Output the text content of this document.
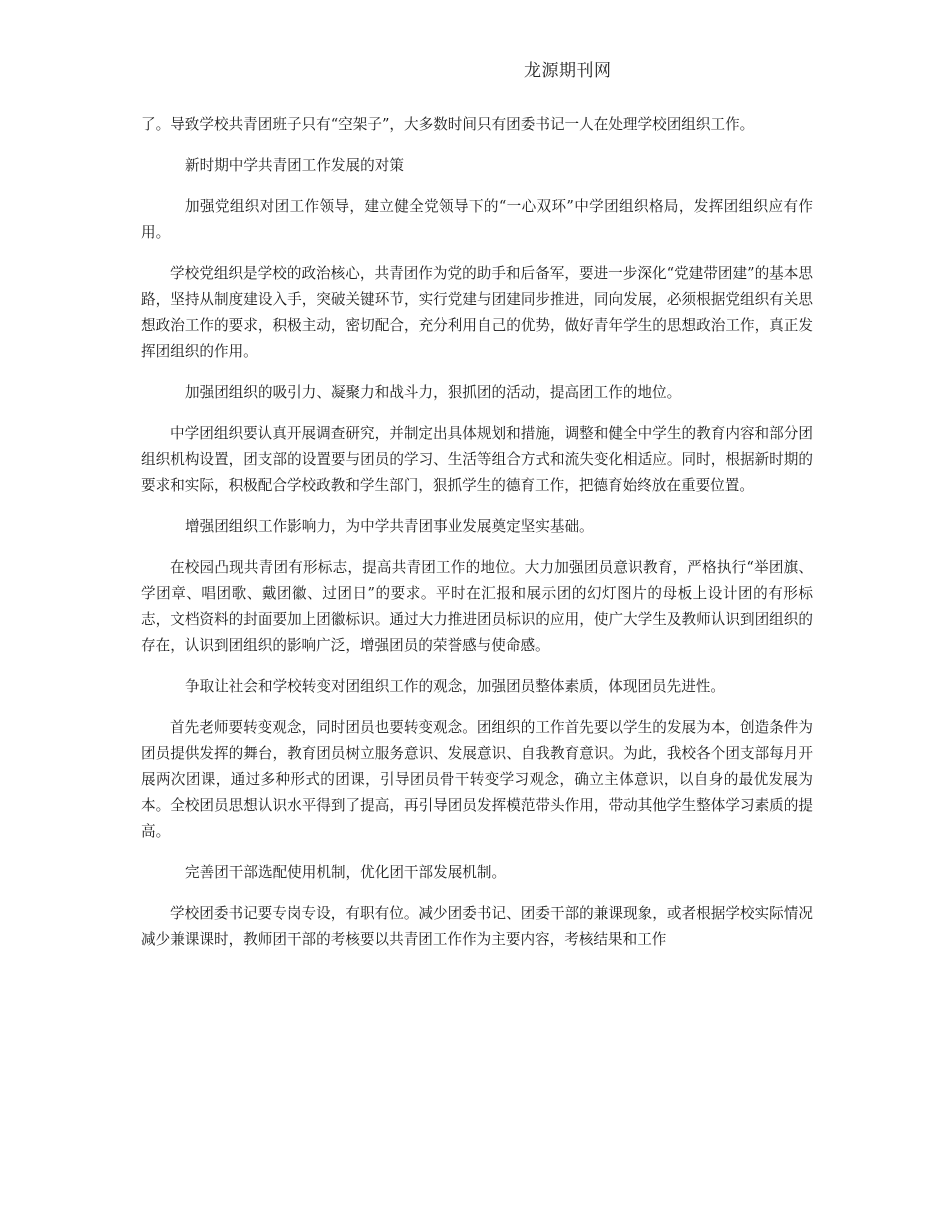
龙源期刊网

了。导致学校共青团班子只有“空架子”，大多数时间只有团委书记一人在处理学校团组织工作。

新时期中学共青团工作发展的对策

加强党组织对团工作领导，建立健全党领导下的“一心双环”中学团组织格局，发挥团组织应有作用。

学校党组织是学校的政治核心，共青团作为党的助手和后备军，要进一步深化“党建带团建”的基本思路，坚持从制度建设入手，突破关键环节，实行党建与团建同步推进，同向发展，必须根据党组织有关思想政治工作的要求，积极主动，密切配合，充分利用自己的优势，做好青年学生的思想政治工作，真正发挥团组织的作用。

加强团组织的吸引力、凝聚力和战斗力，狠抓团的活动，提高团工作的地位。

中学团组织要认真开展调查研究，并制定出具体规划和措施，调整和健全中学生的教育内容和部分团组织机构设置，团支部的设置要与团员的学习、生活等组合方式和流失变化相适应。同时，根据新时期的要求和实际，积极配合学校政教和学生部门，狠抓学生的德育工作，把德育始终放在重要位置。

增强团组织工作影响力，为中学共青团事业发展奠定坚实基础。

在校园凸现共青团有形标志，提高共青团工作的地位。大力加强团员意识教育，严格执行“举团旗、学团章、唱团歌、戴团徽、过团日”的要求。平时在汇报和展示团的幻灯图片的母板上设计团的有形标志，文档资料的封面要加上团徽标识。通过大力推进团员标识的应用，使广大学生及教师认识到团组织的存在，认识到团组织的影响广泛，增强团员的荣誉感与使命感。

争取让社会和学校转变对团组织工作的观念，加强团员整体素质，体现团员先进性。

首先老师要转变观念，同时团员也要转变观念。团组织的工作首先要以学生的发展为本，创造条件为团员提供发挥的舞台，教育团员树立服务意识、发展意识、自我教育意识。为此，我校各个团支部每月开展两次团课，通过多种形式的团课，引导团员骨干转变学习观念，确立主体意识，以自身的最优发展为本。全校团员思想认识水平得到了提高，再引导团员发挥模范带头作用，带动其他学生整体学习素质的提高。

完善团干部选配使用机制，优化团干部发展机制。

学校团委书记要专岗专设，有职有位。减少团委书记、团委干部的兼课现象，或者根据学校实际情况减少兼课课时，教师团干部的考核要以共青团工作作为主要内容，考核结果和工作
